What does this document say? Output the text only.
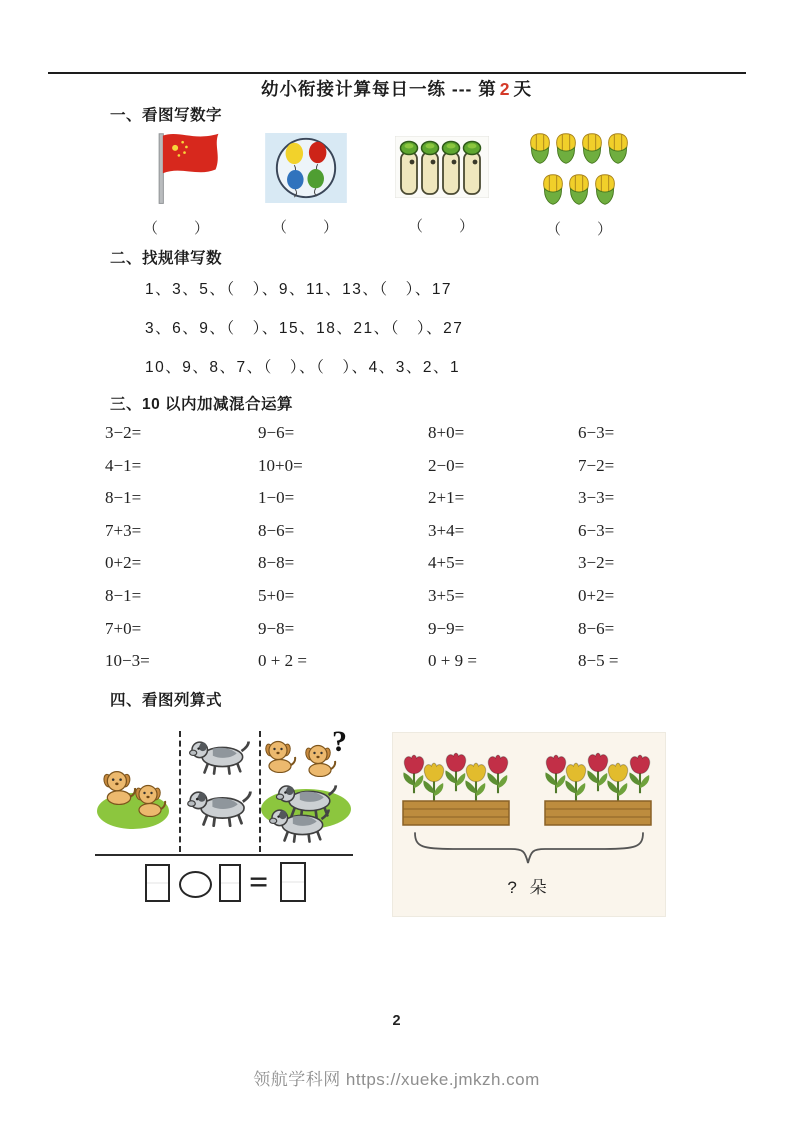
幼小衔接计算每日一练 --- 第 2 天
一、看图写数字
（　　）	（　　）	（　　）	（　　）
二、找规律写数
1、3、5、（　）、9、11、13、（　）、17
3、6、9、（　）、15、18、21、（　）、27
10、9、8、7、（　）、（　）、4、3、2、1
三、10 以内加减混合运算
3−2=	9−6=	8+0=	6−3=
4−1=	10+0=	2−0=	7−2=
8−1=	1−0=	2+1=	3−3=
7+3=	8−6=	3+4=	6−3=
0+2=	8−8=	4+5=	3−2=
8−1=	5+0=	3+5=	0+2=
7+0=	9−8=	9−9=	8−6=
10−3=	0 + 2 =	0 + 9 =	8−5 =
四、看图列算式
?
=	? 朵
2
领航学科网 https://xueke.jmkzh.com
